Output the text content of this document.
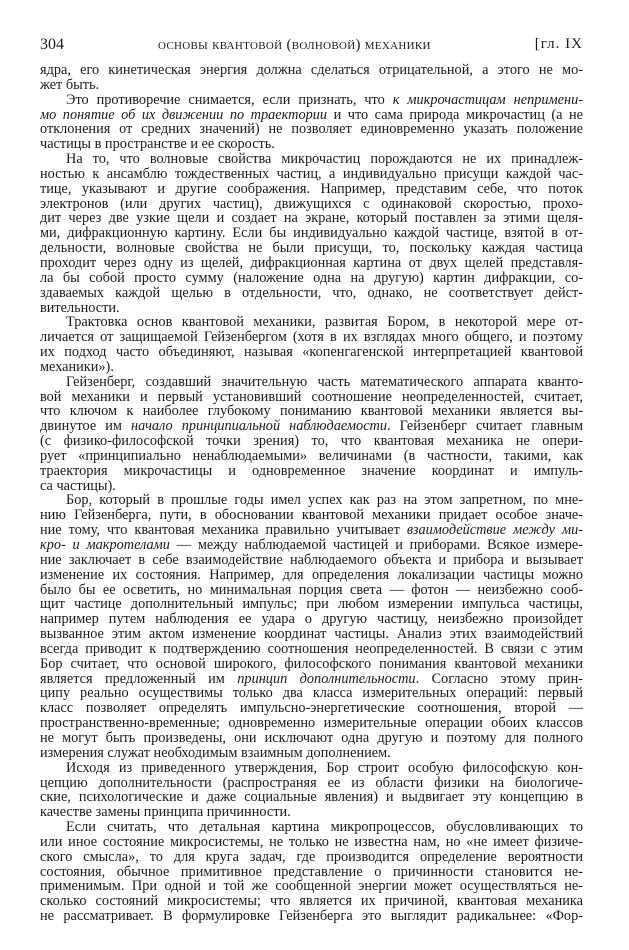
304	основы квантовой (волновой) механики	[гл. IX
ядра, его кинетическая энергия должна сделаться отрицательной, а этого не мо-
жет быть.
Это противоречие снимается, если признать, что к микрочастицам непримени-
мо понятие об их движении по траектории и что сама природа микрочастиц (а не
отклонения от средних значений) не позволяет единовременно указать положение
частицы в пространстве и ее скорость.
На то, что волновые свойства микрочастиц порождаются не их принадлеж-
ностью к ансамблю тождественных частиц, а индивидуально присущи каждой час-
тице, указывают и другие соображения. Например, представим себе, что поток
электронов (или других частиц), движущихся с одинаковой скоростью, прохо-
дит через две узкие щели и создает на экране, который поставлен за этими щеля-
ми, дифракционную картину. Если бы индивидуально каждой частице, взятой в от-
дельности, волновые свойства не были присущи, то, поскольку каждая частица
проходит через одну из щелей, дифракционная картина от двух щелей представля-
ла бы собой просто сумму (наложение одна на другую) картин дифракции, со-
здаваемых каждой щелью в отдельности, что, однако, не соответствует дейст-
вительности.
Трактовка основ квантовой механики, развитая Бором, в некоторой мере от-
личается от защищаемой Гейзенбергом (хотя в их взглядах много общего, и поэтому
их подход часто объединяют, называя «копенгагенской интерпретацией квантовой
механики»).
Гейзенберг, создавший значительную часть математического аппарата кванто-
вой механики и первый установивший соотношение неопределенностей, считает,
что ключом к наиболее глубокому пониманию квантовой механики является вы-
двинутое им начало принципиальной наблюдаемости. Гейзенберг считает главным
(с физико-философской точки зрения) то, что квантовая механика не опери-
рует «принципиально ненаблюдаемыми» величинами (в частности, такими, как
траектория микрочастицы и одновременное значение координат и импуль-
са частицы).
Бор, который в прошлые годы имел успех как раз на этом запретном, по мне-
нию Гейзенберга, пути, в обосновании квантовой механики придает особое значе-
ние тому, что квантовая механика правильно учитывает взаимодействие между ми-
кро- и макротелами — между наблюдаемой частицей и приборами. Всякое измере-
ние заключает в себе взаимодействие наблюдаемого объекта и прибора и вызывает
изменение их состояния. Например, для определения локализации частицы можно
было бы ее осветить, но минимальная порция света — фотон — неизбежно сооб-
щит частице дополнительный импульс; при любом измерении импульса частицы,
например путем наблюдения ее удара о другую частицу, неизбежно произойдет
вызванное этим актом изменение координат частицы. Анализ этих взаимодействий
всегда приводит к подтверждению соотношения неопределенностей. В связи с этим
Бор считает, что основой широкого, философского понимания квантовой механики
является предложенный им принцип дополнительности. Согласно этому прин-
ципу реально осуществимы только два класса измерительных операций: первый
класс позволяет определять импульсно-энергетические соотношения, второй —
пространственно-временные; одновременно измерительные операции обоих классов
не могут быть произведены, они исключают одна другую и поэтому для полного
измерения служат необходимым взаимным дополнением.
Исходя из приведенного утверждения, Бор строит особую философскую кон-
цепцию дополнительности (распространяя ее из области физики на биологиче-
ские, психологические и даже социальные явления) и выдвигает эту концепцию в
качестве замены принципа причинности.
Если считать, что детальная картина микропроцессов, обусловливающих то
или иное состояние микросистемы, не только не известна нам, но «не имеет физиче-
ского смысла», то для круга задач, где производится определение вероятности
состояния, обычное примитивное представление о причинности становится не-
применимым. При одной и той же сообщенной энергии может осуществляться не-
сколько состояний микросистемы; что́ является их причиной, квантовая механика
не рассматривает. В формулировке Гейзенберга это выглядит радикальнее: «Фор-
